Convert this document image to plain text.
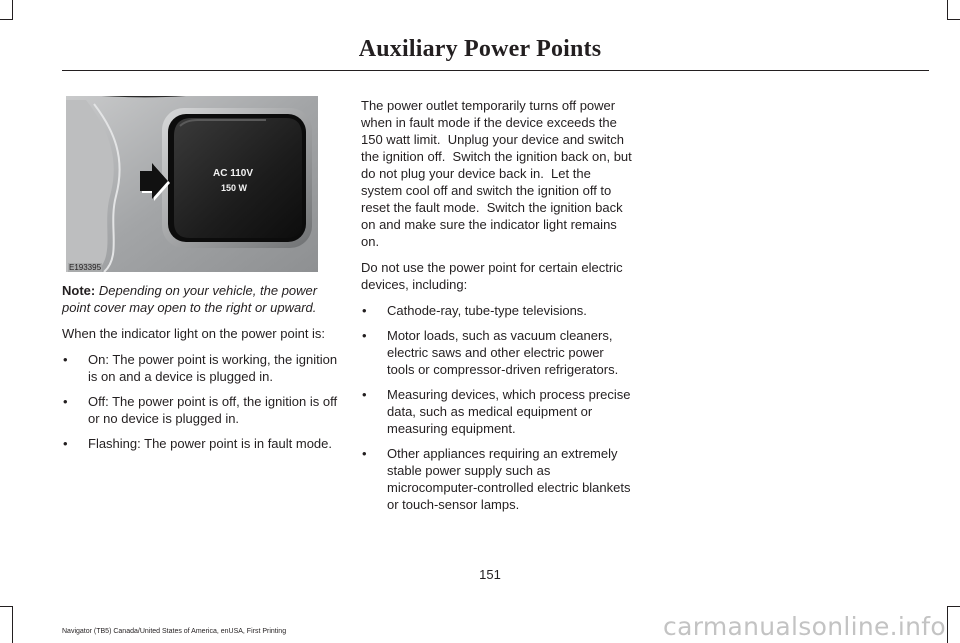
Auxiliary Power Points
AC 110V
150 W
E193395

Note: Depending on your vehicle, the power point cover may open to the right or upward.

When the indicator light on the power point is:

• On: The power point is working, the ignition is on and a device is plugged in.
• Off: The power point is off, the ignition is off or no device is plugged in.
• Flashing: The power point is in fault mode.

The power outlet temporarily turns off power when in fault mode if the device exceeds the 150 watt limit.  Unplug your device and switch the ignition off.  Switch the ignition back on, but do not plug your device back in.  Let the system cool off and switch the ignition off to reset the fault mode.  Switch the ignition back on and make sure the indicator light remains on.

Do not use the power point for certain electric devices, including:

• Cathode-ray, tube-type televisions.
• Motor loads, such as vacuum cleaners, electric saws and other electric power tools or compressor-driven refrigerators.
• Measuring devices, which process precise data, such as medical equipment or measuring equipment.
• Other appliances requiring an extremely stable power supply such as microcomputer-controlled electric blankets or touch-sensor lamps.
151
Navigator (TB5) Canada/United States of America, enUSA, First Printing	carmanualsonline.info
